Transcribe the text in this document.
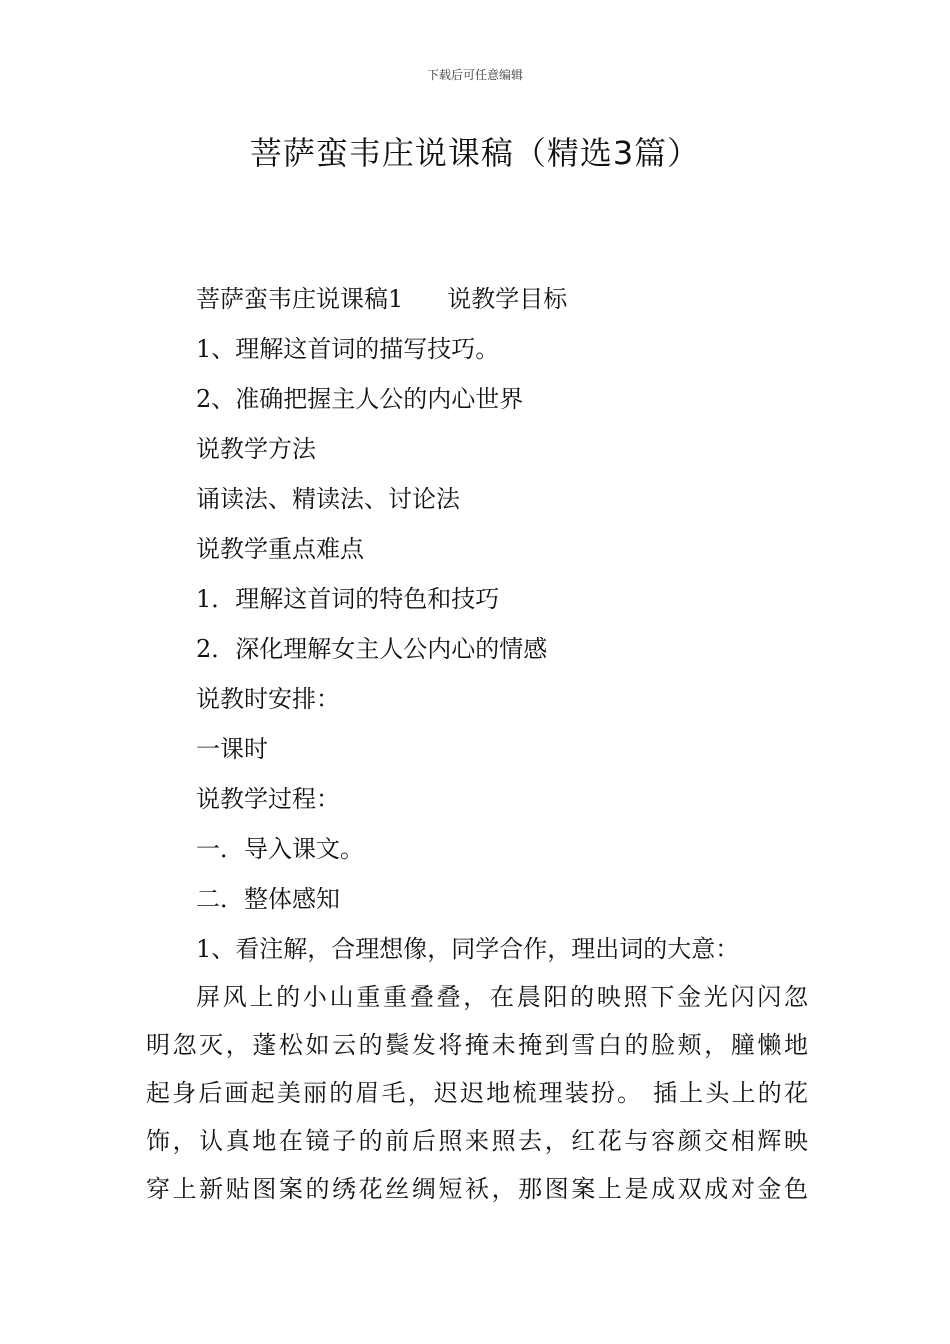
下载后可任意编辑
菩萨蛮韦庄说课稿（精选3篇）
菩萨蛮韦庄说课稿1 说教学目标
1、理解这首词的描写技巧。
2、准确把握主人公的内心世界
说教学方法
诵读法、精读法、讨论法
说教学重点难点
1．理解这首词的特色和技巧
2．深化理解女主人公内心的情感
说教时安排：
一课时
说教学过程：
一．导入课文。
二．整体感知
1、看注解，合理想像，同学合作，理出词的大意：
屏风上的小山重重叠叠，在晨阳的映照下金光闪闪忽
明忽灭，蓬松如云的鬓发将掩未掩到雪白的脸颊，膧懒地
起身后画起美丽的眉毛，迟迟地梳理装扮。 插上头上的花
饰，认真地在镜子的前后照来照去，红花与容颜交相辉映
穿上新贴图案的绣花丝绸短袄，那图案上是成双成对金色
